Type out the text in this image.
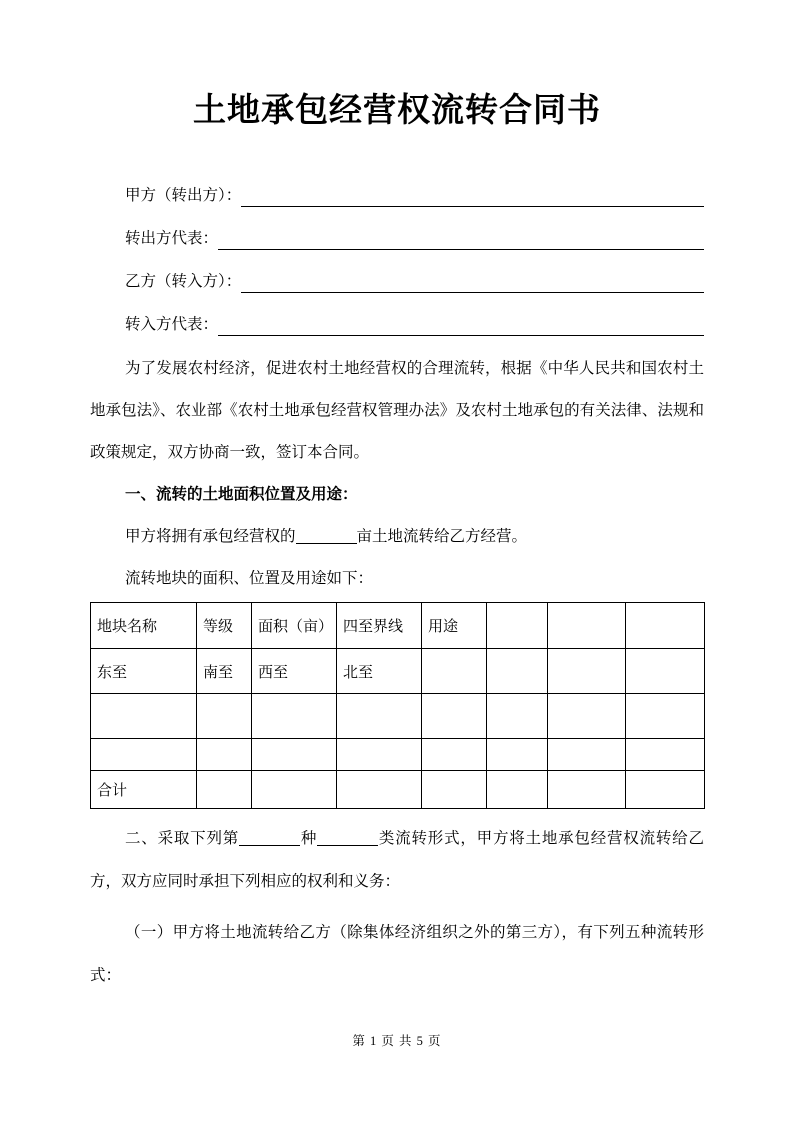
土地承包经营权流转合同书
甲方（转出方）：
转出方代表：
乙方（转入方）：
转入方代表：

为了发展农村经济，促进农村土地经营权的合理流转，根据《中华人民共和国农村土地承包法》、农业部《农村土地承包经营权管理办法》及农村土地承包的有关法律、法规和政策规定，双方协商一致，签订本合同。

一、流转的土地面积位置及用途：

甲方将拥有承包经营权的	亩土地流转给乙方经营。

流转地块的面积、位置及用途如下：

地块名称	等级	面积（亩）	四至界线	用途			
东至	南至	西至	北至				

合计							

二、采取下列第	种	类流转形式，甲方将土地承包经营权流转给乙方，双方应同时承担下列相应的权利和义务：

（一）甲方将土地流转给乙方（除集体经济组织之外的第三方），有下列五种流转形式：

第 1 页 共 5 页
